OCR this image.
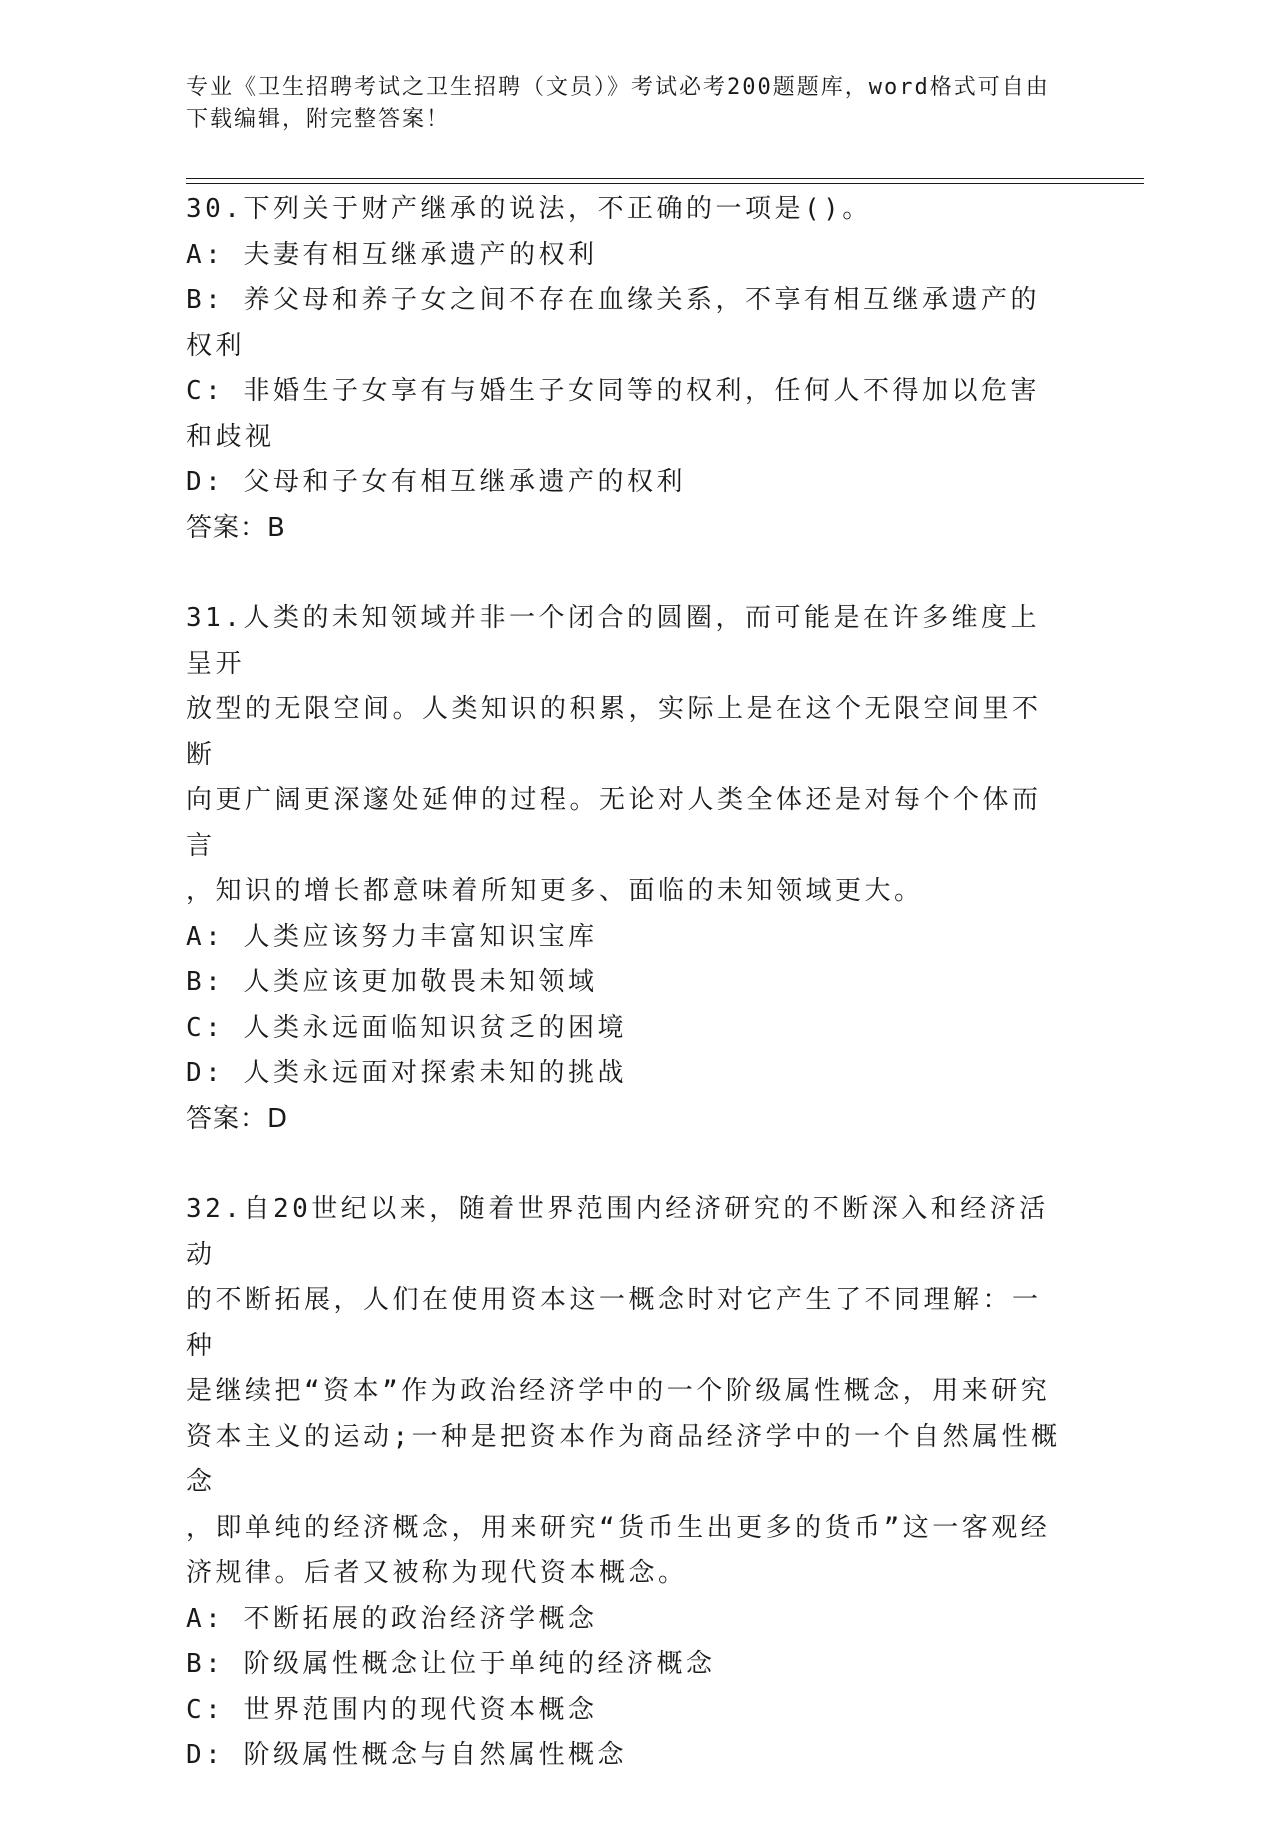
专业《卫生招聘考试之卫生招聘（文员）》考试必考200题题库，word格式可自由下载编辑，附完整答案！
30.下列关于财产继承的说法，不正确的一项是()。
A: 夫妻有相互继承遗产的权利
B: 养父母和养子女之间不存在血缘关系，不享有相互继承遗产的权利
C: 非婚生子女享有与婚生子女同等的权利，任何人不得加以危害和歧视
D: 父母和子女有相互继承遗产的权利
答案：B
31.人类的未知领域并非一个闭合的圆圈，而可能是在许多维度上呈开
放型的无限空间。人类知识的积累，实际上是在这个无限空间里不断
向更广阔更深邃处延伸的过程。无论对人类全体还是对每个个体而言
，知识的增长都意味着所知更多、面临的未知领域更大。
A: 人类应该努力丰富知识宝库
B: 人类应该更加敬畏未知领域
C: 人类永远面临知识贫乏的困境
D: 人类永远面对探索未知的挑战
答案：D
32.自20世纪以来，随着世界范围内经济研究的不断深入和经济活动
的不断拓展，人们在使用资本这一概念时对它产生了不同理解：一种
是继续把“资本”作为政治经济学中的一个阶级属性概念，用来研究
资本主义的运动;一种是把资本作为商品经济学中的一个自然属性概念
，即单纯的经济概念，用来研究“货币生出更多的货币”这一客观经
济规律。后者又被称为现代资本概念。
A: 不断拓展的政治经济学概念
B: 阶级属性概念让位于单纯的经济概念
C: 世界范围内的现代资本概念
D: 阶级属性概念与自然属性概念
